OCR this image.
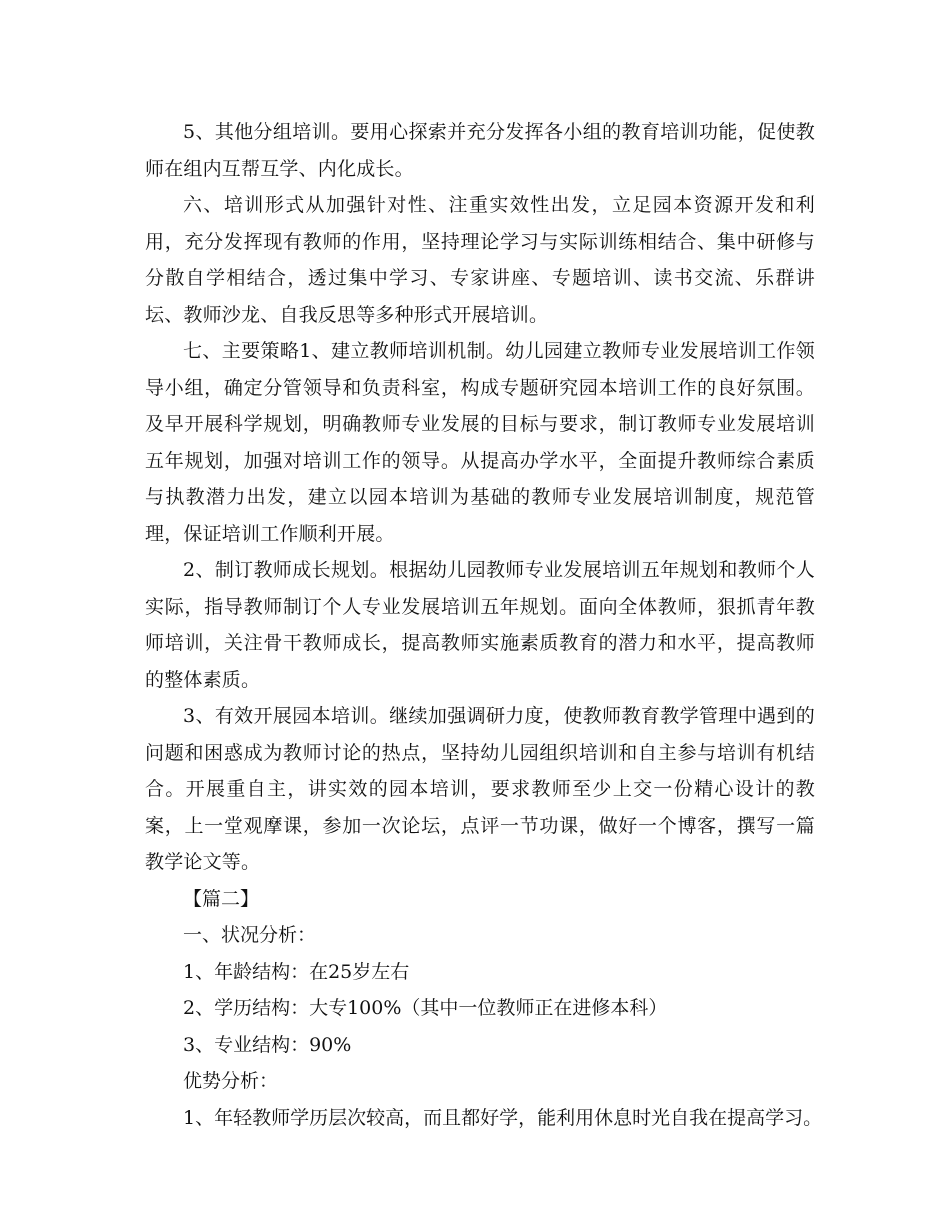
5、其他分组培训。要用心探索并充分发挥各小组的教育培训功能，促使教师在组内互帮互学、内化成长。

六、培训形式从加强针对性、注重实效性出发，立足园本资源开发和利用，充分发挥现有教师的作用，坚持理论学习与实际训练相结合、集中研修与分散自学相结合，透过集中学习、专家讲座、专题培训、读书交流、乐群讲坛、教师沙龙、自我反思等多种形式开展培训。

七、主要策略1、建立教师培训机制。幼儿园建立教师专业发展培训工作领导小组，确定分管领导和负责科室，构成专题研究园本培训工作的良好氛围。及早开展科学规划，明确教师专业发展的目标与要求，制订教师专业发展培训五年规划，加强对培训工作的领导。从提高办学水平，全面提升教师综合素质与执教潜力出发，建立以园本培训为基础的教师专业发展培训制度，规范管理，保证培训工作顺利开展。

2、制订教师成长规划。根据幼儿园教师专业发展培训五年规划和教师个人实际，指导教师制订个人专业发展培训五年规划。面向全体教师，狠抓青年教师培训，关注骨干教师成长，提高教师实施素质教育的潜力和水平，提高教师的整体素质。

3、有效开展园本培训。继续加强调研力度，使教师教育教学管理中遇到的问题和困惑成为教师讨论的热点，坚持幼儿园组织培训和自主参与培训有机结合。开展重自主，讲实效的园本培训，要求教师至少上交一份精心设计的教案，上一堂观摩课，参加一次论坛，点评一节功课，做好一个博客，撰写一篇教学论文等。

【篇二】

一、状况分析：

1、年龄结构：在25岁左右

2、学历结构：大专100%（其中一位教师正在进修本科）

3、专业结构：90%

优势分析：

1、年轻教师学历层次较高，而且都好学，能利用休息时光自我在提高学习。
